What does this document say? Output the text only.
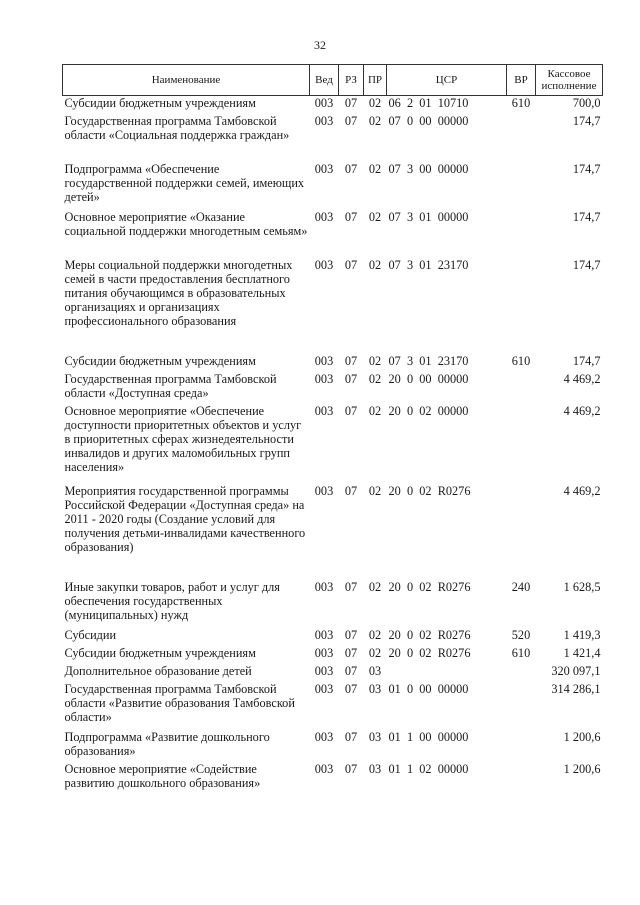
32
Наименование	Вед	РЗ	ПР	ЦСР	ВР	Кассовое исполнение
Субсидии бюджетным учреждениям	003	07	02	06  2  01  10710	610	700,0
Государственная программа Тамбовской области «Социальная поддержка граждан»	003	07	02	07  0  00  00000		174,7
Подпрограмма «Обеспечение государственной поддержки семей, имеющих детей»	003	07	02	07  3  00  00000		174,7
Основное мероприятие «Оказание социальной поддержки многодетным семьям»	003	07	02	07  3  01  00000		174,7
Меры социальной поддержки многодетных семей в части предоставления бесплатного питания обучающимся в образовательных организациях и организациях профессионального образования	003	07	02	07  3  01  23170		174,7
Субсидии бюджетным учреждениям	003	07	02	07  3  01  23170	610	174,7
Государственная программа Тамбовской области «Доступная среда»	003	07	02	20  0  00  00000		4 469,2
Основное мероприятие «Обеспечение доступности приоритетных объектов и услуг в приоритетных сферах жизнедеятельности инвалидов и других маломобильных групп населения»	003	07	02	20  0  02  00000		4 469,2
Мероприятия государственной программы Российской Федерации «Доступная среда» на 2011 - 2020 годы (Создание условий для получения детьми-инвалидами качественного образования)	003	07	02	20  0  02  R0276		4 469,2
Иные закупки товаров, работ и услуг для обеспечения государственных (муниципальных) нужд	003	07	02	20  0  02  R0276	240	1 628,5
Субсидии	003	07	02	20  0  02  R0276	520	1 419,3
Субсидии бюджетным учреждениям	003	07	02	20  0  02  R0276	610	1 421,4
Дополнительное образование детей	003	07	03			320 097,1
Государственная программа Тамбовской области «Развитие образования Тамбовской области»	003	07	03	01  0  00  00000		314 286,1
Подпрограмма «Развитие дошкольного образования»	003	07	03	01  1  00  00000		1 200,6
Основное мероприятие «Содействие развитию дошкольного образования»	003	07	03	01  1  02  00000		1 200,6
